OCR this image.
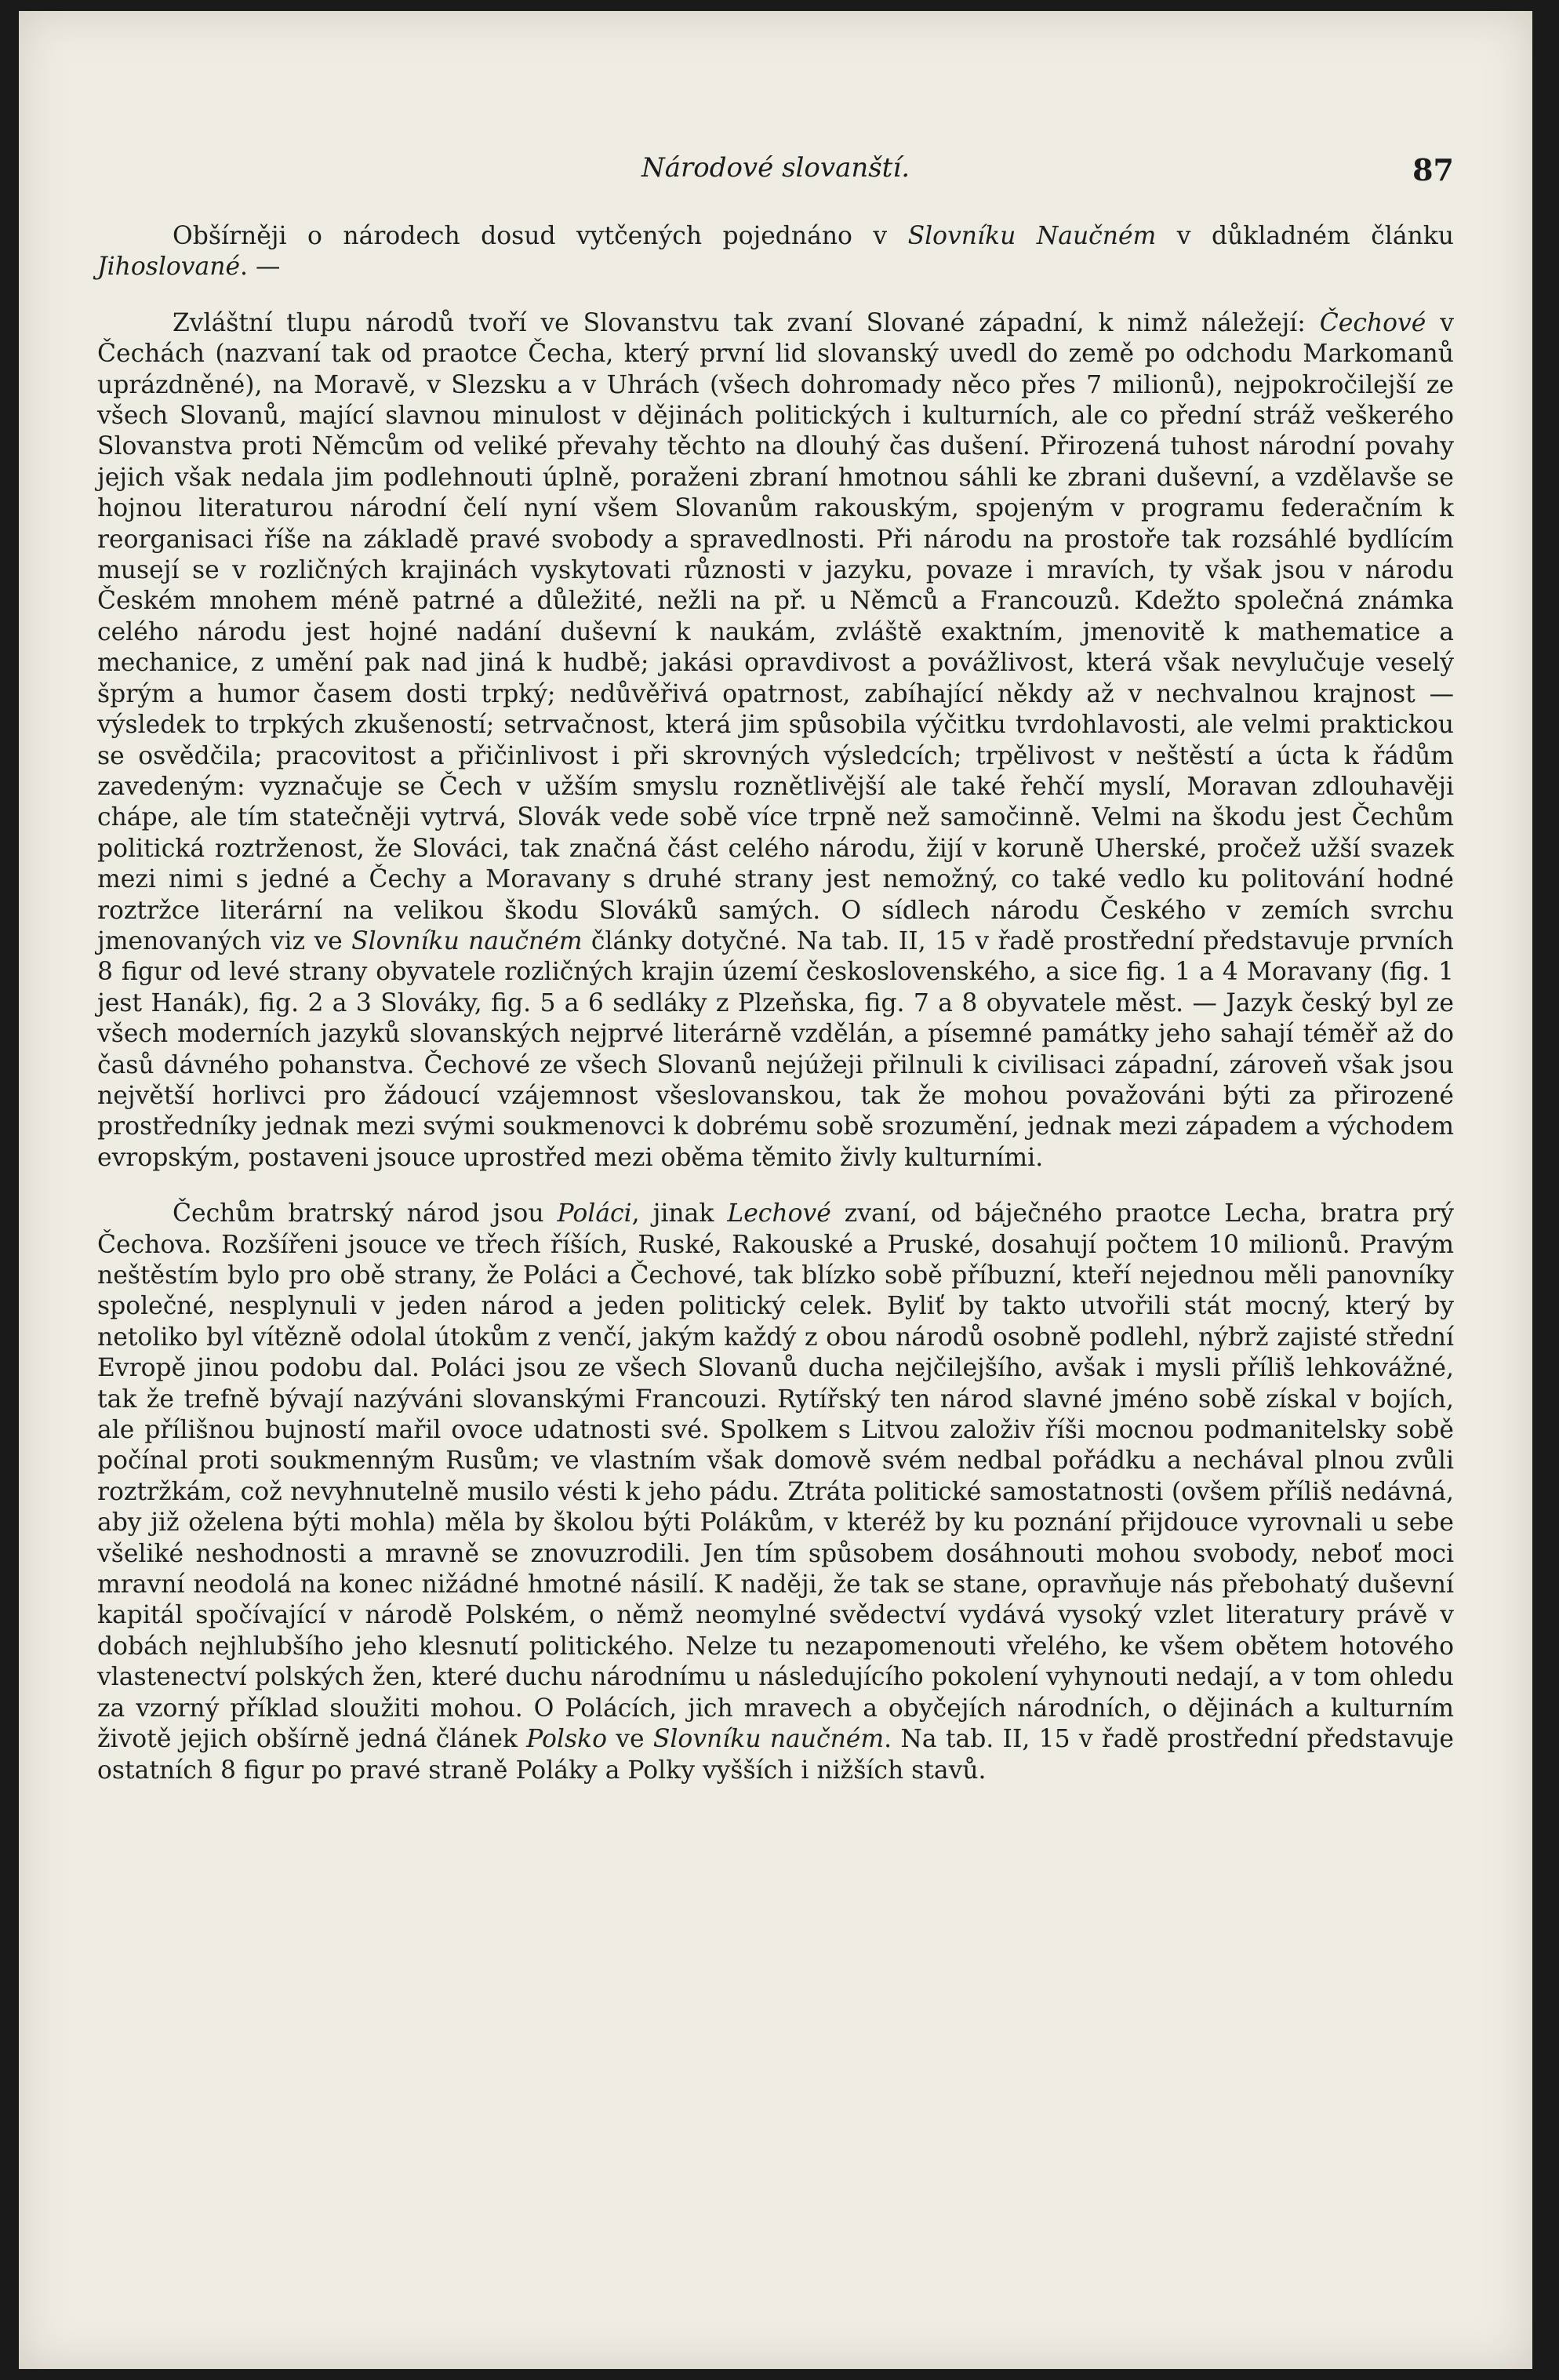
Národové slovanští.	87

Obšírněji o národech dosud vytčených pojednáno v Slovníku Naučném v důkladném článku Jihoslované. —

Zvláštní tlupu národů tvoří ve Slovanstvu tak zvaní Slované západní, k nimž náležejí: Čechové v Čechách (nazvaní tak od praotce Čecha, který první lid slovanský uvedl do země po odchodu Markomanů uprázdněné), na Moravě, v Slezsku a v Uhrách (všech dohromady něco přes 7 milionů), nejpokročilejší ze všech Slovanů, mající slavnou minulost v dějinách politických i kulturních, ale co přední stráž veškerého Slovanstva proti Němcům od veliké převahy těchto na dlouhý čas dušení. Přirozená tuhost národní povahy jejich však nedala jim podlehnouti úplně, poraženi zbraní hmotnou sáhli ke zbrani duševní, a vzdělavše se hojnou literaturou národní čelí nyní všem Slovanům rakouským, spojeným v programu federačním k reorganisaci říše na základě pravé svobody a spravedlnosti. Při národu na prostoře tak rozsáhlé bydlícím musejí se v rozličných krajinách vyskytovati různosti v jazyku, povaze i mravích, ty však jsou v národu Českém mnohem méně patrné a důležité, nežli na př. u Němců a Francouzů. Kdežto společná známka celého národu jest hojné nadání duševní k naukám, zvláště exaktním, jmenovitě k mathematice a mechanice, z umění pak nad jiná k hudbě; jakási opravdivost a povážlivost, která však nevylučuje veselý šprým a humor časem dosti trpký; nedůvěřivá opatrnost, zabíhající někdy až v nechvalnou krajnost — výsledek to trpkých zkušeností; setrvačnost, která jim spůsobila výčitku tvrdohlavosti, ale velmi praktickou se osvědčila; pracovitost a přičinlivost i při skrovných výsledcích; trpělivost v neštěstí a úcta k řádům zavedeným: vyznačuje se Čech v užším smyslu roznětlivější ale také řehčí myslí, Moravan zdlouhavěji chápe, ale tím statečněji vytrvá, Slovák vede sobě více trpně než samočinně. Velmi na škodu jest Čechům politická roztrženost, že Slováci, tak značná část celého národu, žijí v koruně Uherské, pročež užší svazek mezi nimi s jedné a Čechy a Moravany s druhé strany jest nemožný, co také vedlo ku politování hodné roztržce literární na velikou škodu Slováků samých. O sídlech národu Českého v zemích svrchu jmenovaných viz ve Slovníku naučném články dotyčné. Na tab. II, 15 v řadě prostřední představuje prvních 8 figur od levé strany obyvatele rozličných krajin území československého, a sice fig. 1 a 4 Moravany (fig. 1 jest Hanák), fig. 2 a 3 Slováky, fig. 5 a 6 sedláky z Plzeňska, fig. 7 a 8 obyvatele měst. — Jazyk český byl ze všech moderních jazyků slovanských nejprvé literárně vzdělán, a písemné památky jeho sahají téměř až do časů dávného pohanstva. Čechové ze všech Slovanů nejúžeji přilnuli k civilisaci západní, zároveň však jsou největší horlivci pro žádoucí vzájemnost všeslovanskou, tak že mohou považováni býti za přirozené prostředníky jednak mezi svými soukmenovci k dobrému sobě srozumění, jednak mezi západem a východem evropským, postaveni jsouce uprostřed mezi oběma těmito živly kulturními.

Čechům bratrský národ jsou Poláci, jinak Lechové zvaní, od báječného praotce Lecha, bratra prý Čechova. Rozšířeni jsouce ve třech říších, Ruské, Rakouské a Pruské, dosahují počtem 10 milionů. Pravým neštěstím bylo pro obě strany, že Poláci a Čechové, tak blízko sobě příbuzní, kteří nejednou měli panovníky společné, nesplynuli v jeden národ a jeden politický celek. Byliť by takto utvořili stát mocný, který by netoliko byl vítězně odolal útokům z venčí, jakým každý z obou národů osobně podlehl, nýbrž zajisté střední Evropě jinou podobu dal. Poláci jsou ze všech Slovanů ducha nejčilejšího, avšak i mysli příliš lehkovážné, tak že trefně bývají nazýváni slovanskými Francouzi. Rytířský ten národ slavné jméno sobě získal v bojích, ale přílišnou bujností mařil ovoce udatnosti své. Spolkem s Litvou založiv říši mocnou podmanitelsky sobě počínal proti soukmenným Rusům; ve vlastním však domově svém nedbal pořádku a nechával plnou zvůli roztržkám, což nevyhnutelně musilo vésti k jeho pádu. Ztráta politické samostatnosti (ovšem příliš nedávná, aby již oželena býti mohla) měla by školou býti Polákům, v kteréž by ku poznání přijdouce vyrovnali u sebe všeliké neshodnosti a mravně se znovuzrodili. Jen tím spůsobem dosáhnouti mohou svobody, neboť moci mravní neodolá na konec nižádné hmotné násilí. K naději, že tak se stane, opravňuje nás přebohatý duševní kapitál spočívající v národě Polském, o němž neomylné svědectví vydává vysoký vzlet literatury právě v dobách nejhlubšího jeho klesnutí politického. Nelze tu nezapomenouti vřelého, ke všem obětem hotového vlastenectví polských žen, které duchu národnímu u následujícího pokolení vyhynouti nedají, a v tom ohledu za vzorný příklad sloužiti mohou. O Polácích, jich mravech a obyčejích národních, o dějinách a kulturním životě jejich obšírně jedná článek Polsko ve Slovníku naučném. Na tab. II, 15 v řadě prostřední představuje ostatních 8 figur po pravé straně Poláky a Polky vyšších i nižších stavů.
